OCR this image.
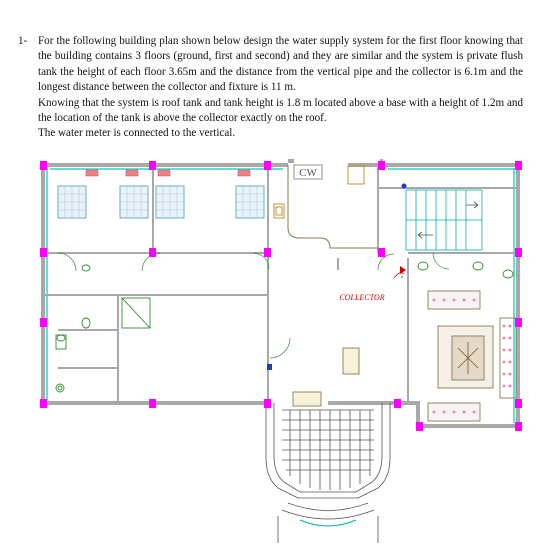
1- For the following building plan shown below design the water supply system for the first floor knowing that the building contains 3 floors (ground, first and second) and they are similar and the system is private flush tank the height of each floor 3.65m and the distance from the vertical pipe and the collector is 6.1m and the longest distance between the collector and fixture is 11 m.
Knowing that the system is roof tank and tank height is 1.8 m located above a base with a height of 1.2m and the location of the tank is above the collector exactly on the roof.
The water meter is connected to the vertical.
CW
COLLECTOR
